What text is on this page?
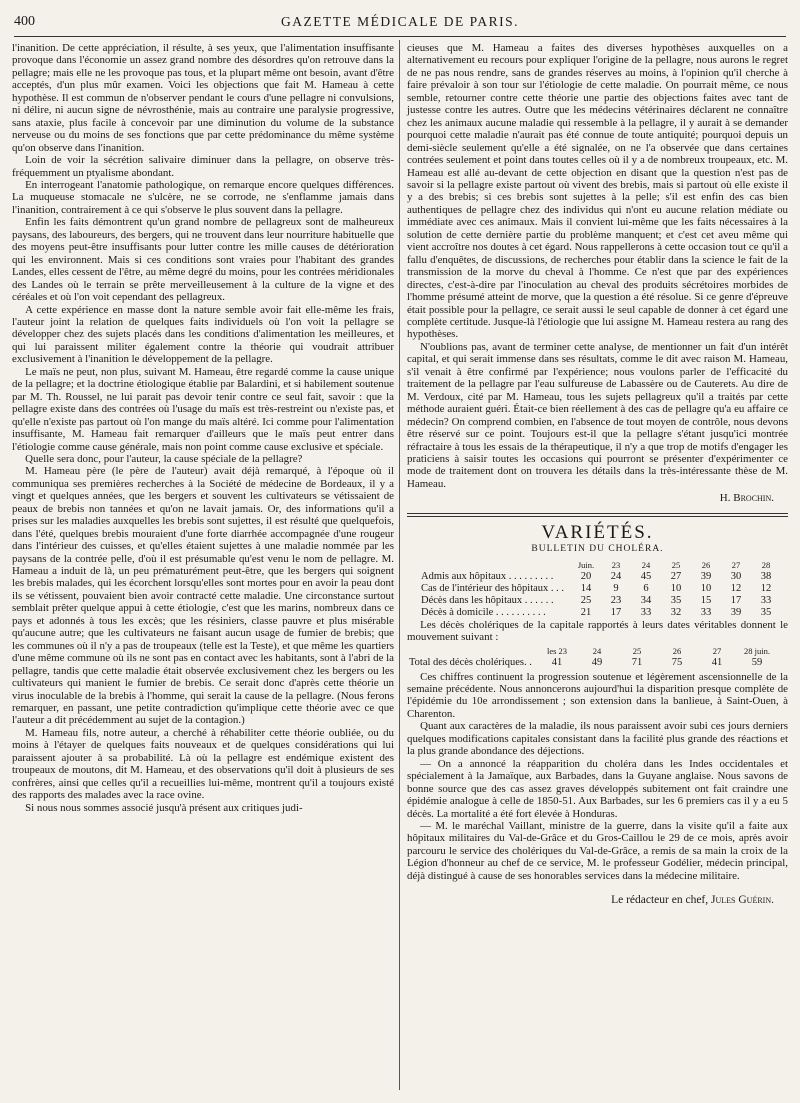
400	GAZETTE MÉDICALE DE PARIS.

l'inanition. De cette appréciation, il résulte, à ses yeux, que l'alimentation insuffisante provoque dans l'économie un assez grand nombre des désordres qu'on retrouve dans la pellagre; mais elle ne les provoque pas tous, et la plupart même ont besoin, avant d'être acceptés, d'un plus mûr examen. Voici les objections que fait M. Hameau à cette hypothèse. Il est commun de n'observer pendant le cours d'une pellagre ni convulsions, ni délire, ni aucun signe de névrosthénie, mais au contraire une paralysie progressive, sans ataxie, plus facile à concevoir par une diminution du volume de la substance nerveuse ou du moins de ses fonctions que par cette prédominance du même système qu'on observe dans l'inanition.

Loin de voir la sécrétion salivaire diminuer dans la pellagre, on observe très-fréquemment un ptyalisme abondant.

En interrogeant l'anatomie pathologique, on remarque encore quelques différences. La muqueuse stomacale ne s'ulcère, ne se corrode, ne s'enflamme jamais dans l'inanition, contrairement à ce qui s'observe le plus souvent dans la pellagre.

Enfin les faits démontrent qu'un grand nombre de pellagreux sont de malheureux paysans, des laboureurs, des bergers, qui ne trouvent dans leur nourriture habituelle que des moyens peut-être insuffisants pour lutter contre les mille causes de détérioration qui les environnent. Mais si ces conditions sont vraies pour l'habitant des grandes Landes, elles cessent de l'être, au même degré du moins, pour les contrées méridionales des Landes où le terrain se prête merveilleusement à la culture de la vigne et des céréales et où l'on voit cependant des pellagreux.

A cette expérience en masse dont la nature semble avoir fait elle-même les frais, l'auteur joint la relation de quelques faits individuels où l'on voit la pellagre se développer chez des sujets placés dans les conditions d'alimentation les meilleures, et qui lui paraissent militer également contre la théorie qui voudrait attribuer exclusivement à l'inanition le développement de la pellagre.

Le maïs ne peut, non plus, suivant M. Hameau, être regardé comme la cause unique de la pellagre; et la doctrine étiologique établie par Balardini, et si habilement soutenue par M. Th. Roussel, ne lui parait pas devoir tenir contre ce seul fait, savoir : que la pellagre existe dans des contrées où l'usage du maïs est très-restreint ou n'existe pas, et qu'elle n'existe pas partout où l'on mange du maïs altéré. Ici comme pour l'alimentation insuffisante, M. Hameau fait remarquer d'ailleurs que le maïs peut entrer dans l'étiologie comme cause générale, mais non point comme cause exclusive et spéciale.

Quelle sera donc, pour l'auteur, la cause spéciale de la pellagre?

M. Hameau père (le père de l'auteur) avait déjà remarqué, à l'époque où il communiqua ses premières recherches à la Société de médecine de Bordeaux, il y a vingt et quelques années, que les bergers et souvent les cultivateurs se vétissaient de peaux de brebis non tannées et qu'on ne lavait jamais. Or, des informations qu'il a prises sur les maladies auxquelles les brebis sont sujettes, il est résulté que quelquefois, dans l'été, quelques brebis mouraient d'une forte diarrhée accompagnée d'une rougeur dans l'intérieur des cuisses, et qu'elles étaient sujettes à une maladie nommée par les paysans de la contrée pelle, d'où il est présumable qu'est venu le nom de pellagre. M. Hameau a induit de là, un peu prématurément peut-être, que les bergers qui soignent les brebis malades, qui les écorchent lorsqu'elles sont mortes pour en avoir la peau dont ils se vétissent, pouvaient bien avoir contracté cette maladie. Une circonstance surtout semblait prêter quelque appui à cette étiologie, c'est que les marins, nombreux dans ce pays et adonnés à tous les excès; que les résiniers, classe pauvre et plus misérable qu'aucune autre; que les cultivateurs ne faisant aucun usage de fumier de brebis; que les communes où il n'y a pas de troupeaux (telle est la Teste), et que même les quartiers d'une même commune où ils ne sont pas en contact avec les habitants, sont à l'abri de la pellagre, tandis que cette maladie était observée exclusivement chez les bergers ou les cultivateurs qui manient le fumier de brebis. Ce serait donc d'après cette théorie un virus inoculable de la brebis à l'homme, qui serait la cause de la pellagre. (Nous ferons remarquer, en passant, une petite contradiction qu'implique cette théorie avec ce que l'auteur a dit précédemment au sujet de la contagion.)

M. Hameau fils, notre auteur, a cherché à réhabiliter cette théorie oubliée, ou du moins à l'étayer de quelques faits nouveaux et de quelques considérations qui lui paraissent ajouter à sa probabilité. Là où la pellagre est endémique existent des troupeaux de moutons, dit M. Hameau, et des observations qu'il doit à plusieurs de ses confrères, ainsi que celles qu'il a recueillies lui-même, montrent qu'il a toujours existé des rapports des malades avec la race ovine.

Si nous nous sommes associé jusqu'à présent aux critiques judi-

cieuses que M. Hameau a faites des diverses hypothèses auxquelles on a alternativement eu recours pour expliquer l'origine de la pellagre, nous aurons le regret de ne pas nous rendre, sans de grandes réserves au moins, à l'opinion qu'il cherche à faire prévaloir à son tour sur l'étiologie de cette maladie. On pourrait même, ce nous semble, retourner contre cette théorie une partie des objections faites avec tant de justesse contre les autres. Outre que les médecins vétérinaires déclarent ne connaître chez les animaux aucune maladie qui ressemble à la pellagre, il y aurait à se demander pourquoi cette maladie n'aurait pas été connue de toute antiquité; pourquoi depuis un demi-siècle seulement qu'elle a été signalée, on ne l'a observée que dans certaines contrées seulement et point dans toutes celles où il y a de nombreux troupeaux, etc. M. Hameau est allé au-devant de cette objection en disant que la question n'est pas de savoir si la pellagre existe partout où vivent des brebis, mais si partout où elle existe il y a des brebis; si ces brebis sont sujettes à la pelle; s'il est enfin des cas bien authentiques de pellagre chez des individus qui n'ont eu aucune relation médiate ou immédiate avec ces animaux. Mais il convient lui-même que les faits nécessaires à la solution de cette dernière partie du problème manquent; et c'est cet aveu même qui vient accroître nos doutes à cet égard. Nous rappellerons à cette occasion tout ce qu'il a fallu d'enquêtes, de discussions, de recherches pour établir dans la science le fait de la transmission de la morve du cheval à l'homme. Ce n'est que par des expériences directes, c'est-à-dire par l'inoculation au cheval des produits sécrétoires morbides de l'homme présumé atteint de morve, que la question a été résolue. Si ce genre d'épreuve était possible pour la pellagre, ce serait aussi le seul capable de donner à cet égard une complète certitude. Jusque-là l'étiologie que lui assigne M. Hameau restera au rang des hypothèses.

N'oublions pas, avant de terminer cette analyse, de mentionner un fait d'un intérêt capital, et qui serait immense dans ses résultats, comme le dit avec raison M. Hameau, s'il venait à être confirmé par l'expérience; nous voulons parler de l'efficacité du traitement de la pellagre par l'eau sulfureuse de Labassère ou de Cauterets. Au dire de M. Verdoux, cité par M. Hameau, tous les sujets pellagreux qu'il a traités par cette méthode auraient guéri. Était-ce bien réellement à des cas de pellagre qu'a eu affaire ce médecin? On comprend combien, en l'absence de tout moyen de contrôle, nous devons être réservé sur ce point. Toujours est-il que la pellagre s'étant jusqu'ici montrée réfractaire à tous les essais de la thérapeutique, il n'y a que trop de motifs d'engager les praticiens à saisir toutes les occasions qui pourront se présenter d'expérimenter ce mode de traitement dont on trouvera les détails dans la très-intéressante thèse de M. Hameau.

H. Brochin.
VARIÉTÉS.
BULLETIN DU CHOLÉRA.
	Juin.	23	24	25	26	27	28
Admis aux hôpitaux . . . . . . . . .	20	24	45	27	39	30	38
Cas de l'intérieur des hôpitaux . . .	14	9	6	10	10	12	12
Décès dans les hôpitaux . . . . . .	25	23	34	35	15	17	33
Décès à domicile . . . . . . . . . .	21	17	33	32	33	39	35

Les décès cholériques de la capitale rapportés à leurs dates véritables donnent le mouvement suivant :

	les 23	24	25	26	27	28 juin.
Total des décès cholériques. .	41	49	71	75	41	59

Ces chiffres continuent la progression soutenue et légèrement ascensionnelle de la semaine précédente. Nous annoncerons aujourd'hui la disparition presque complète de l'épidémie du 10e arrondissement ; son extension dans la banlieue, à Saint-Ouen, à Charenton.

Quant aux caractères de la maladie, ils nous paraissent avoir subi ces jours derniers quelques modifications capitales consistant dans la facilité plus grande des réactions et la plus grande abondance des déjections.

— On a annoncé la réapparition du choléra dans les Indes occidentales et spécialement à la Jamaïque, aux Barbades, dans la Guyane anglaise. Nous savons de bonne source que des cas assez graves développés subitement ont fait craindre une épidémie analogue à celle de 1850-51. Aux Barbades, sur les 6 premiers cas il y a eu 5 décès. La mortalité a été fort élevée à Honduras.

— M. le maréchal Vaillant, ministre de la guerre, dans la visite qu'il a faite aux hôpitaux militaires du Val-de-Grâce et du Gros-Caillou le 29 de ce mois, après avoir parcouru le service des cholériques du Val-de-Grâce, a remis de sa main la croix de la Légion d'honneur au chef de ce service, M. le professeur Godélier, médecin principal, déjà distingué à cause de ses honorables services dans la médecine militaire.

Le rédacteur en chef, Jules Guérin.
